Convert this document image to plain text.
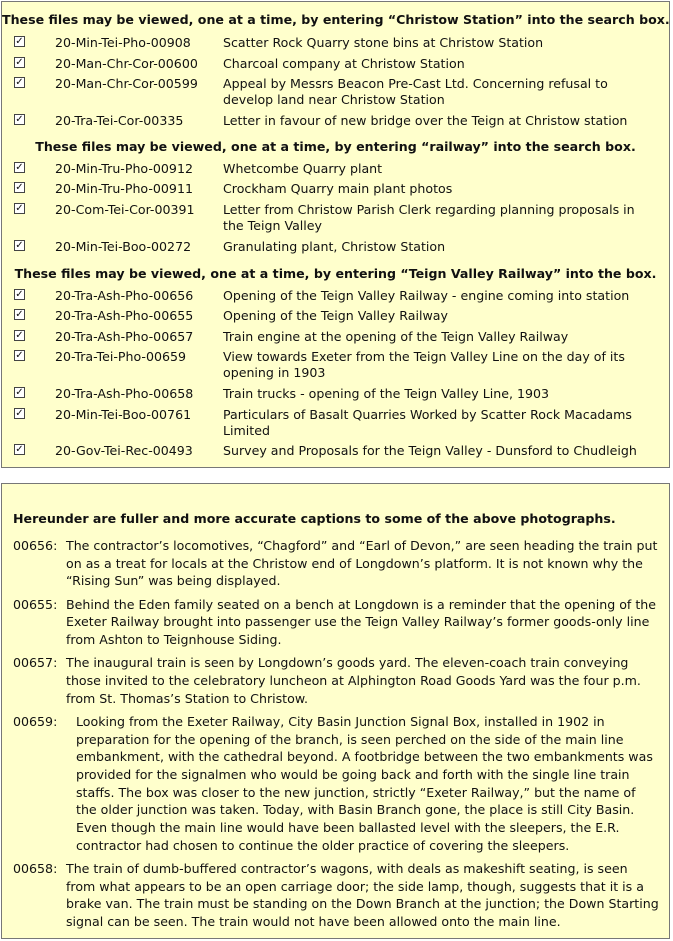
These files may be viewed, one at a time, by entering “Christow Station” into the search box.
✓ 20-Min-Tei-Pho-00908	Scatter Rock Quarry stone bins at Christow Station
✓ 20-Man-Chr-Cor-00600	Charcoal company at Christow Station
✓ 20-Man-Chr-Cor-00599	Appeal by Messrs Beacon Pre-Cast Ltd. Concerning refusal to develop land near Christow Station
✓ 20-Tra-Tei-Cor-00335	Letter in favour of new bridge over the Teign at Christow station
These files may be viewed, one at a time, by entering “railway” into the search box.
✓ 20-Min-Tru-Pho-00912	Whetcombe Quarry plant
✓ 20-Min-Tru-Pho-00911	Crockham Quarry main plant photos
✓ 20-Com-Tei-Cor-00391	Letter from Christow Parish Clerk regarding planning proposals in the Teign Valley
✓ 20-Min-Tei-Boo-00272	Granulating plant, Christow Station
These files may be viewed, one at a time, by entering “Teign Valley Railway” into the box.
✓ 20-Tra-Ash-Pho-00656	Opening of the Teign Valley Railway - engine coming into station
✓ 20-Tra-Ash-Pho-00655	Opening of the Teign Valley Railway
✓ 20-Tra-Ash-Pho-00657	Train engine at the opening of the Teign Valley Railway
✓ 20-Tra-Tei-Pho-00659	View towards Exeter from the Teign Valley Line on the day of its opening in 1903
✓ 20-Tra-Ash-Pho-00658	Train trucks - opening of the Teign Valley Line, 1903
✓ 20-Min-Tei-Boo-00761	Particulars of Basalt Quarries Worked by Scatter Rock Macadams Limited
✓ 20-Gov-Tei-Rec-00493	Survey and Proposals for the Teign Valley - Dunsford to Chudleigh
Hereunder are fuller and more accurate captions to some of the above photographs.
00656: The contractor’s locomotives, “Chagford” and “Earl of Devon,” are seen heading the train put on as a treat for locals at the Christow end of Longdown’s platform. It is not known why the “Rising Sun” was being displayed.
00655: Behind the Eden family seated on a bench at Longdown is a reminder that the opening of the Exeter Railway brought into passenger use the Teign Valley Railway’s former goods-only line from Ashton to Teignhouse Siding.
00657: The inaugural train is seen by Longdown’s goods yard. The eleven-coach train conveying those invited to the celebratory luncheon at Alphington Road Goods Yard was the four p.m. from St. Thomas’s Station to Christow.
00659:	Looking from the Exeter Railway, City Basin Junction Signal Box, installed in 1902 in preparation for the opening of the branch, is seen perched on the side of the main line embankment, with the cathedral beyond. A footbridge between the two embankments was provided for the signalmen who would be going back and forth with the single line train staffs. The box was closer to the new junction, strictly “Exeter Railway,” but the name of the older junction was taken. Today, with Basin Branch gone, the place is still City Basin. Even though the main line would have been ballasted level with the sleepers, the E.R. contractor had chosen to continue the older practice of covering the sleepers.
00658: The train of dumb-buffered contractor’s wagons, with deals as makeshift seating, is seen from what appears to be an open carriage door; the side lamp, though, suggests that it is a brake van. The train must be standing on the Down Branch at the junction; the Down Starting signal can be seen. The train would not have been allowed onto the main line.
